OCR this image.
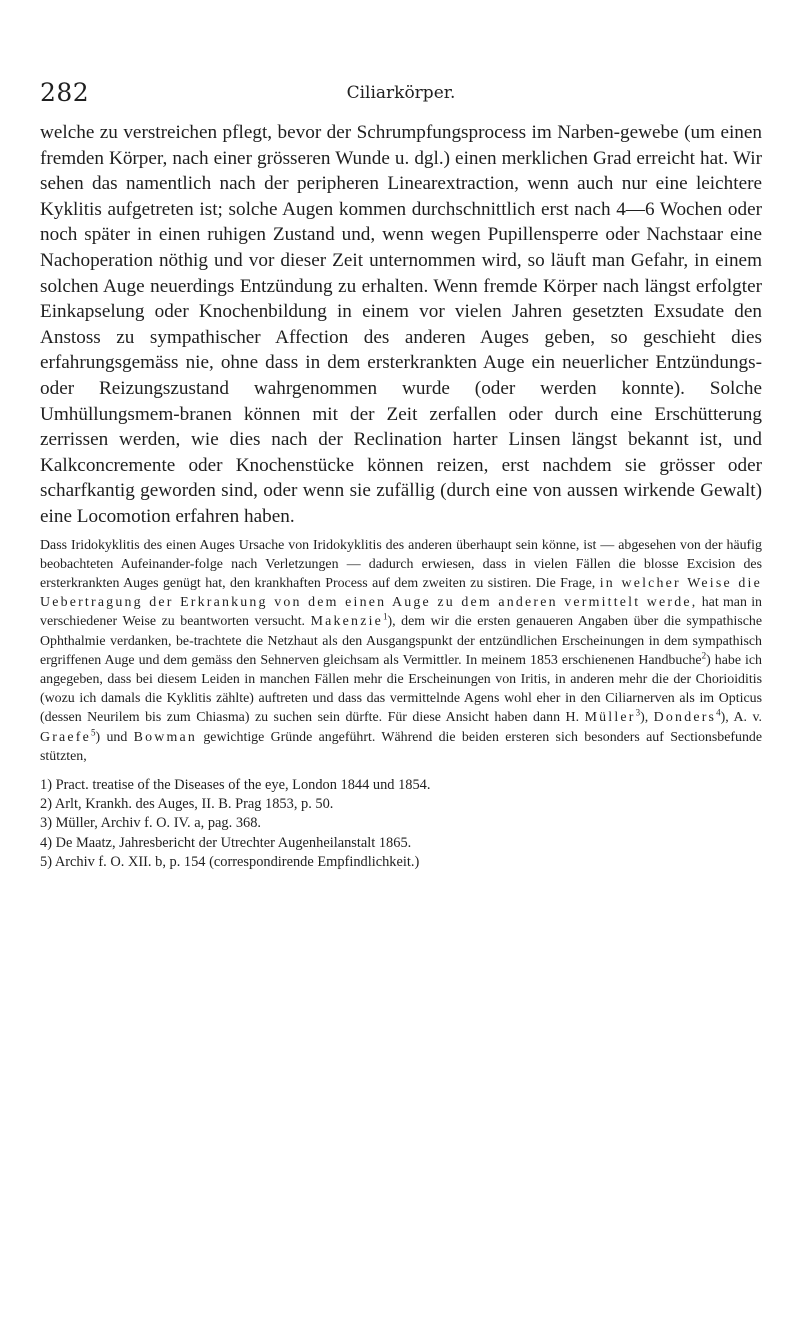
282	Ciliarkörper.

welche zu verstreichen pflegt, bevor der Schrumpfungsprocess im Narben-gewebe (um einen fremden Körper, nach einer grösseren Wunde u. dgl.) einen merklichen Grad erreicht hat. Wir sehen das namentlich nach der peripheren Linearextraction, wenn auch nur eine leichtere Kyklitis aufgetreten ist; solche Augen kommen durchschnittlich erst nach 4—6 Wochen oder noch später in einen ruhigen Zustand und, wenn wegen Pupillensperre oder Nachstaar eine Nachoperation nöthig und vor dieser Zeit unternommen wird, so läuft man Gefahr, in einem solchen Auge neuerdings Entzündung zu erhalten. Wenn fremde Körper nach längst erfolgter Einkapselung oder Knochenbildung in einem vor vielen Jahren gesetzten Exsudate den Anstoss zu sympathischer Affection des anderen Auges geben, so geschieht dies erfahrungsgemäss nie, ohne dass in dem ersterkrankten Auge ein neuerlicher Entzündungs- oder Reizungszustand wahrgenommen wurde (oder werden konnte). Solche Umhüllungsmem-branen können mit der Zeit zerfallen oder durch eine Erschütterung zerrissen werden, wie dies nach der Reclination harter Linsen längst bekannt ist, und Kalkconcremente oder Knochenstücke können reizen, erst nachdem sie grösser oder scharfkantig geworden sind, oder wenn sie zufällig (durch eine von aussen wirkende Gewalt) eine Locomotion erfahren haben.

Dass Iridokyklitis des einen Auges Ursache von Iridokyklitis des anderen überhaupt sein könne, ist — abgesehen von der häufig beobachteten Aufeinander-folge nach Verletzungen — dadurch erwiesen, dass in vielen Fällen die blosse Excision des ersterkrankten Auges genügt hat, den krankhaften Process auf dem zweiten zu sistiren. Die Frage, in welcher Weise die Uebertragung der Erkrankung von dem einen Auge zu dem anderen vermittelt werde, hat man in verschiedener Weise zu beantworten versucht. Makenzie$^1$), dem wir die ersten genaueren Angaben über die sympathische Ophthalmie verdanken, be-trachtete die Netzhaut als den Ausgangspunkt der entzündlichen Erscheinungen in dem sympathisch ergriffenen Auge und dem gemäss den Sehnerven gleichsam als Vermittler. In meinem 1853 erschienenen Handbuche$^2$) habe ich angegeben, dass bei diesem Leiden in manchen Fällen mehr die Erscheinungen von Iritis, in anderen mehr die der Chorioiditis (wozu ich damals die Kyklitis zählte) auftreten und dass das vermittelnde Agens wohl eher in den Ciliarnerven als im Opticus (dessen Neurilem bis zum Chiasma) zu suchen sein dürfte. Für diese Ansicht haben dann H. Müller$^3$), Donders$^4$), A. v. Graefe$^5$) und Bowman gewichtige Gründe angeführt. Während die beiden ersteren sich besonders auf Sectionsbefunde stützten,

1) Pract. treatise of the Diseases of the eye, London 1844 und 1854.

2) Arlt, Krankh. des Auges, II. B. Prag 1853, p. 50.

3) Müller, Archiv f. O. IV. a, pag. 368.

4) De Maatz, Jahresbericht der Utrechter Augenheilanstalt 1865.

5) Archiv f. O. XII. b, p. 154 (correspondirende Empfindlichkeit.)
